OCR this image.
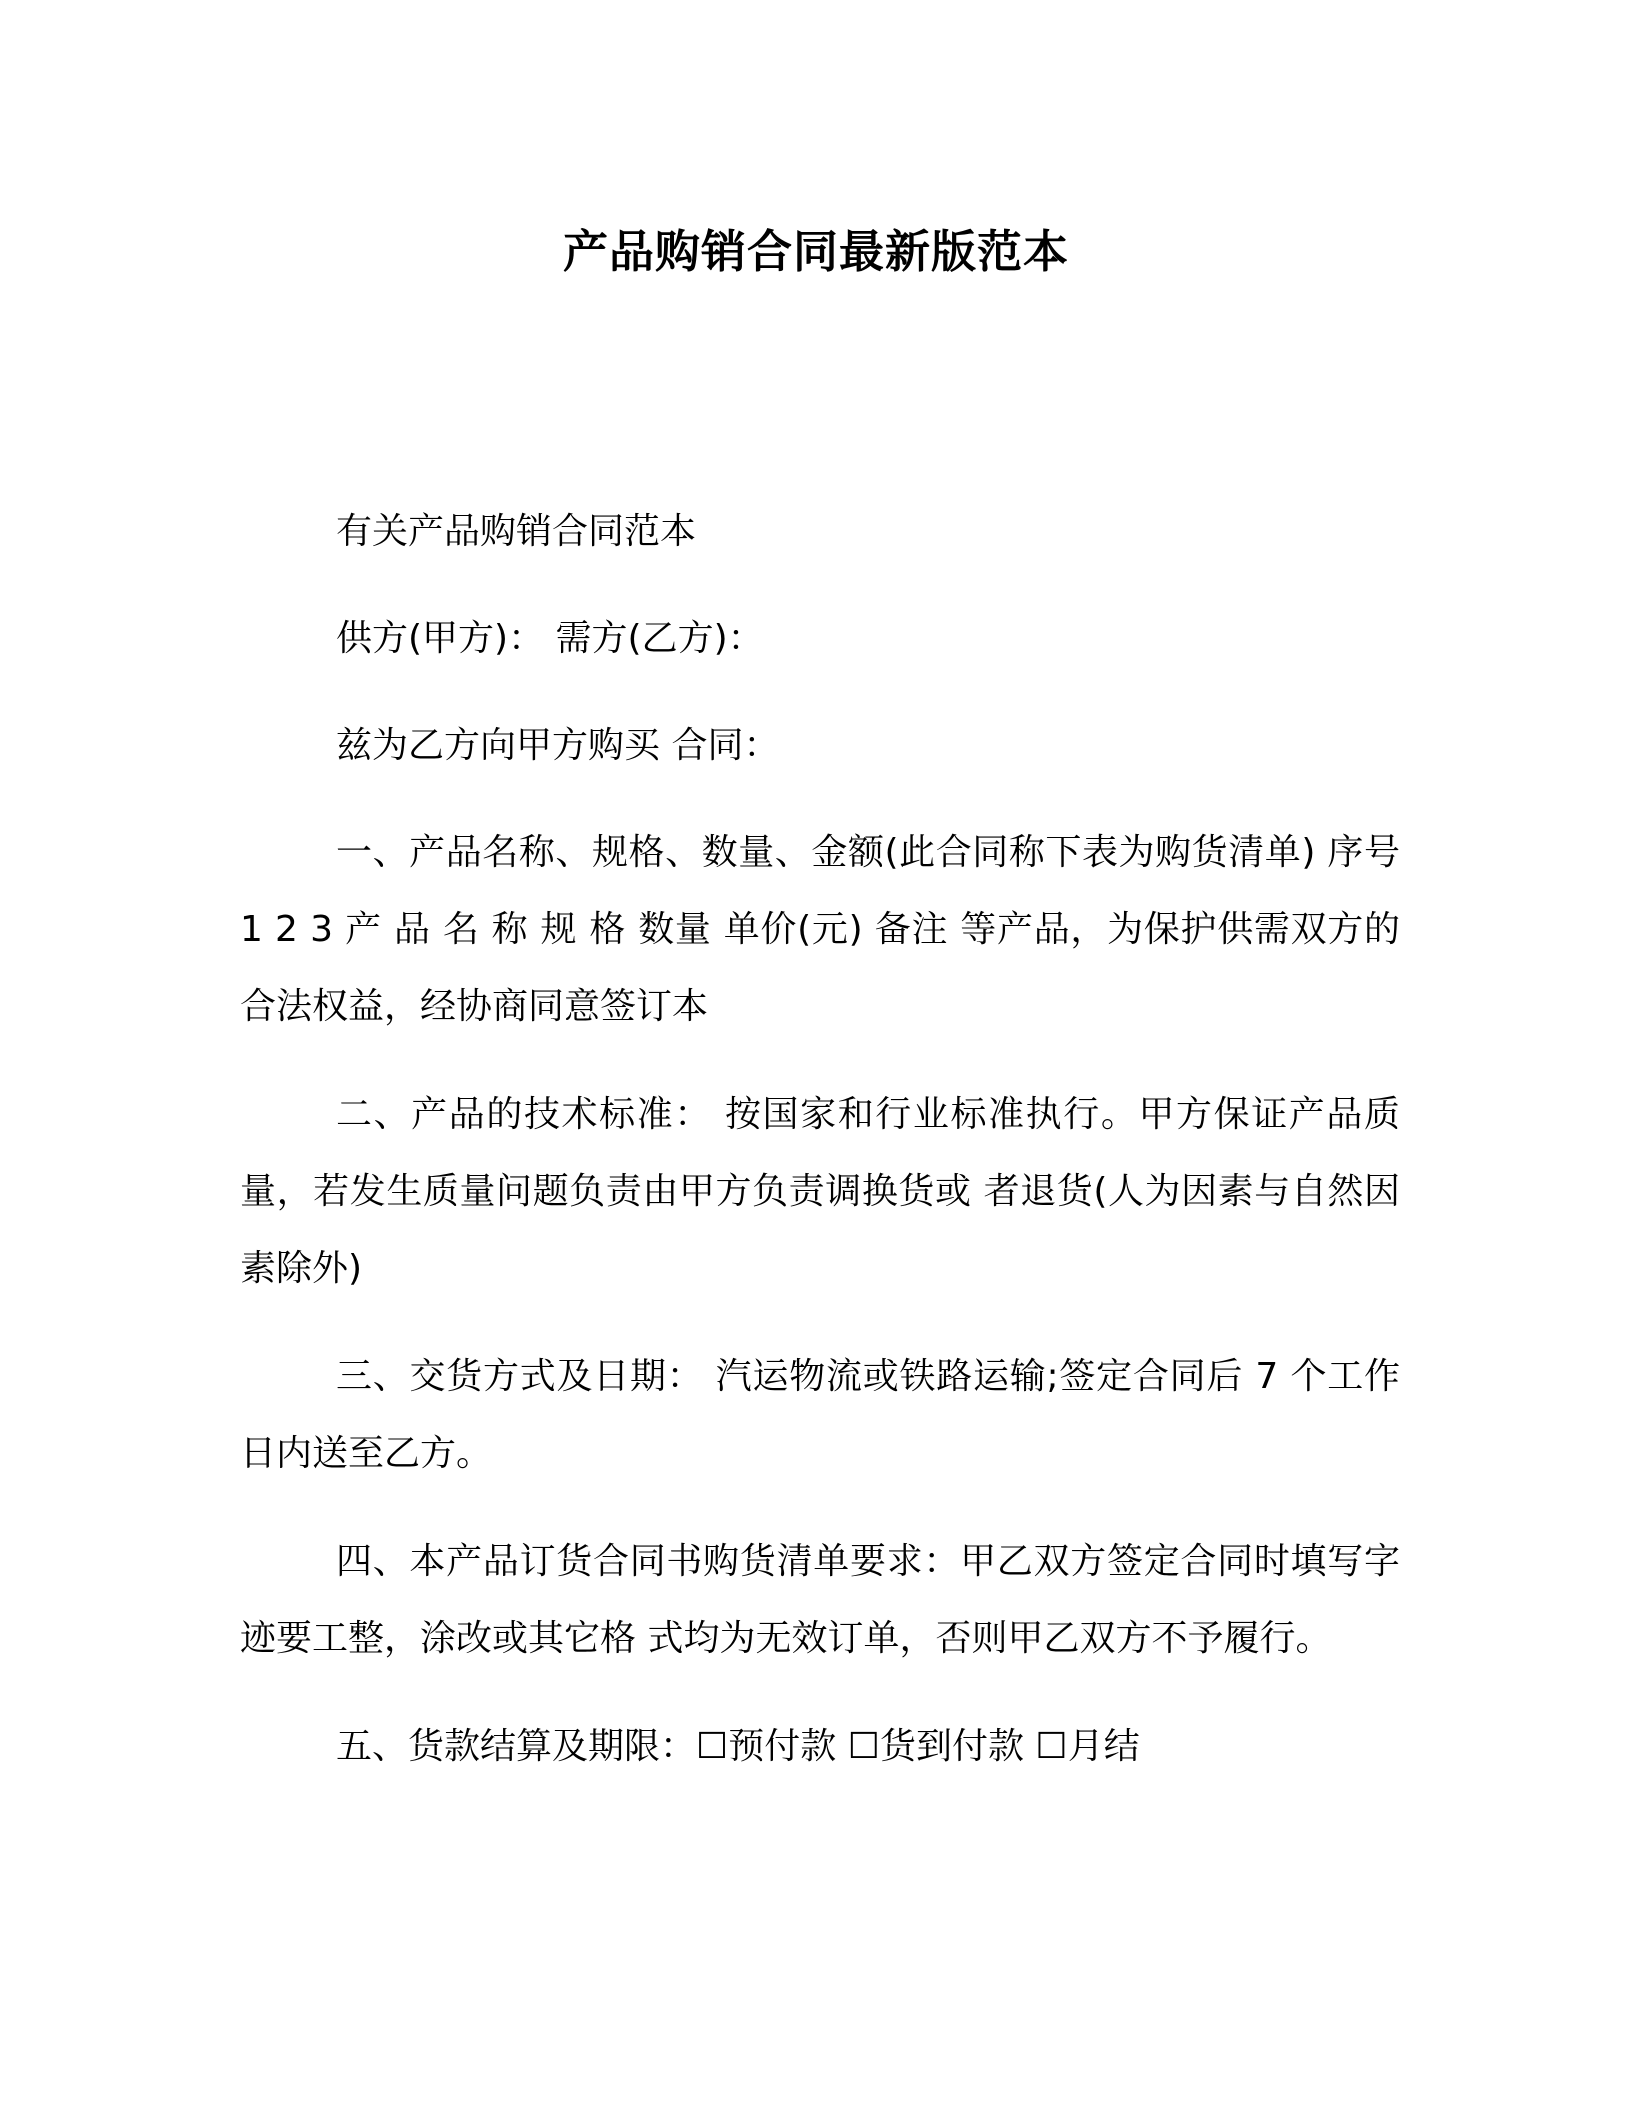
产品购销合同最新版范本

有关产品购销合同范本

供方(甲方)： 需方(乙方)：

兹为乙方向甲方购买 合同：

一、产品名称、规格、数量、金额(此合同称下表为购货清单) 序号 1 2 3 产 品 名 称 规 格 数量 单价(元) 备注 等产品，为保护供需双方的合法权益，经协商同意签订本

二、产品的技术标准： 按国家和行业标准执行。甲方保证产品质量，若发生质量问题负责由甲方负责调换货或 者退货(人为因素与自然因素除外)

三、交货方式及日期： 汽运物流或铁路运输;签定合同后 7 个工作日内送至乙方。

四、本产品订货合同书购货清单要求：甲乙双方签定合同时填写字迹要工整，涂改或其它格 式均为无效订单，否则甲乙双方不予履行。

五、货款结算及期限：☐预付款 ☐货到付款 ☐月结
